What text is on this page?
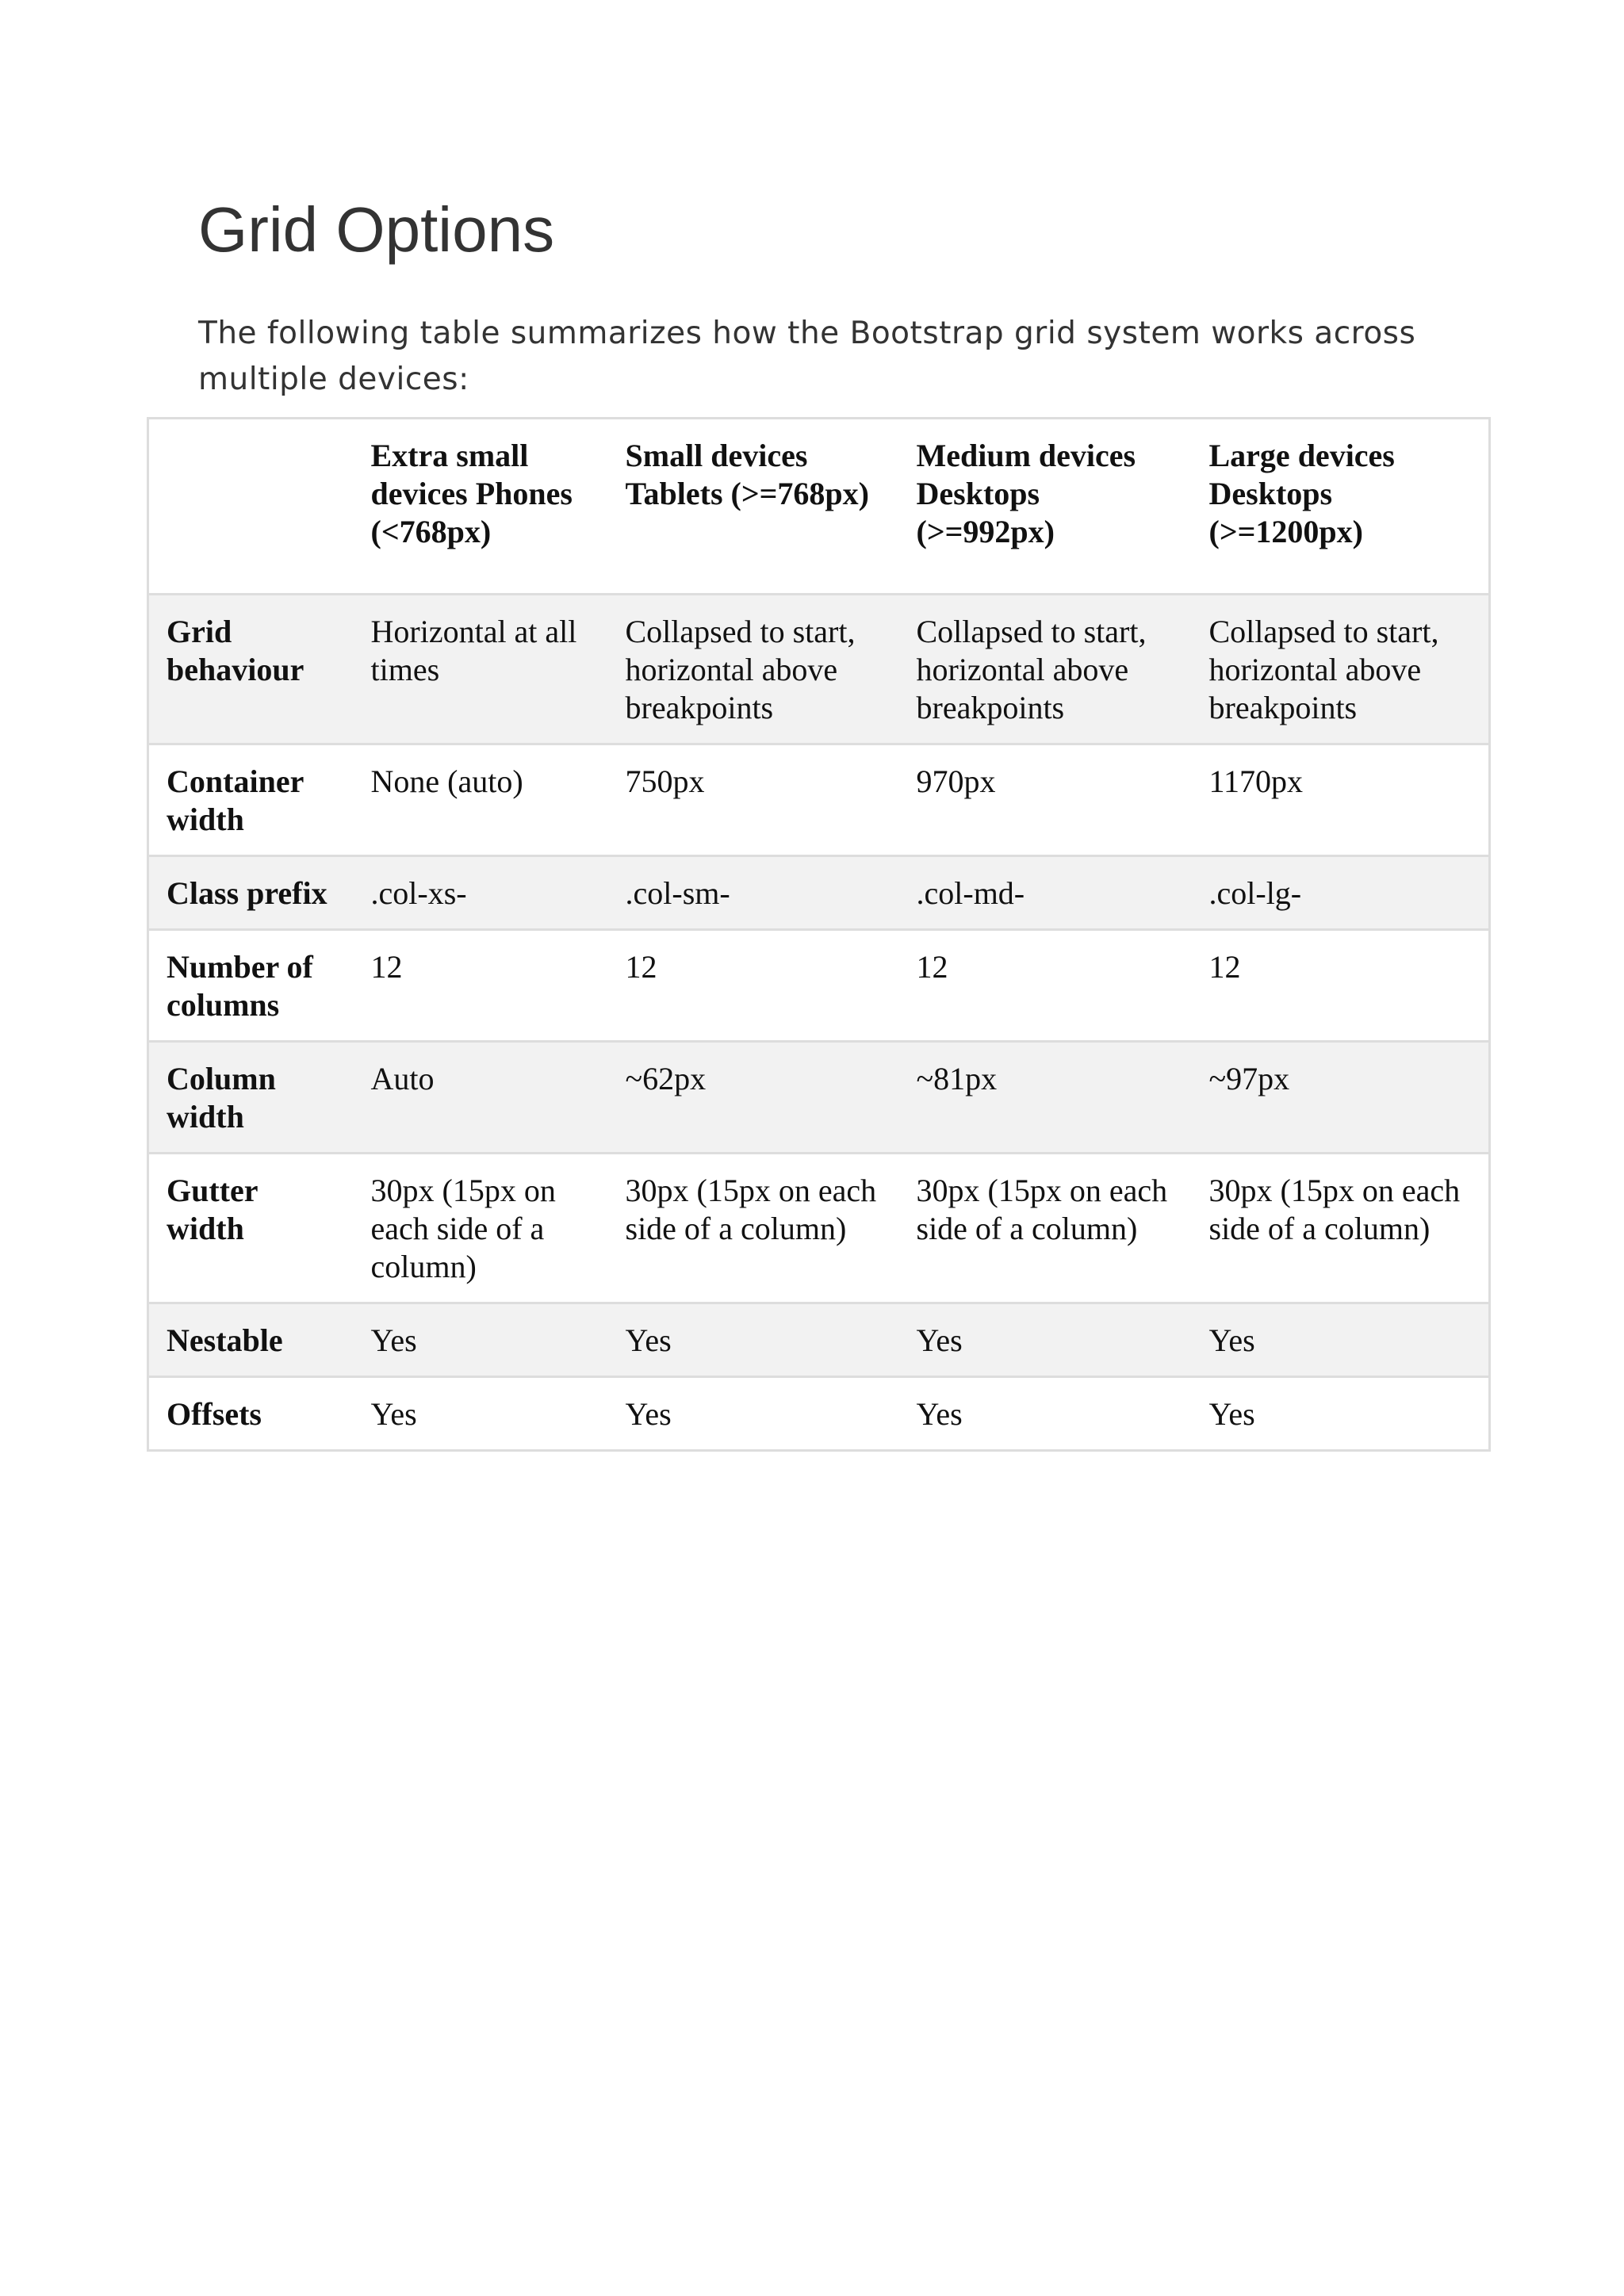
Grid Options

The following table summarizes how the Bootstrap grid system works across multiple devices:

	Extra small devices Phones (<768px)	Small devices Tablets (>=768px)	Medium devices Desktops (>=992px)	Large devices Desktops (>=1200px)
Grid behaviour	Horizontal at all times	Collapsed to start, horizontal above breakpoints	Collapsed to start, horizontal above breakpoints	Collapsed to start, horizontal above breakpoints
Container width	None (auto)	750px	970px	1170px
Class prefix	.col-xs-	.col-sm-	.col-md-	.col-lg-
Number of columns	12	12	12	12
Column width	Auto	~62px	~81px	~97px
Gutter width	30px (15px on each side of a column)	30px (15px on each side of a column)	30px (15px on each side of a column)	30px (15px on each side of a column)
Nestable	Yes	Yes	Yes	Yes
Offsets	Yes	Yes	Yes	Yes
